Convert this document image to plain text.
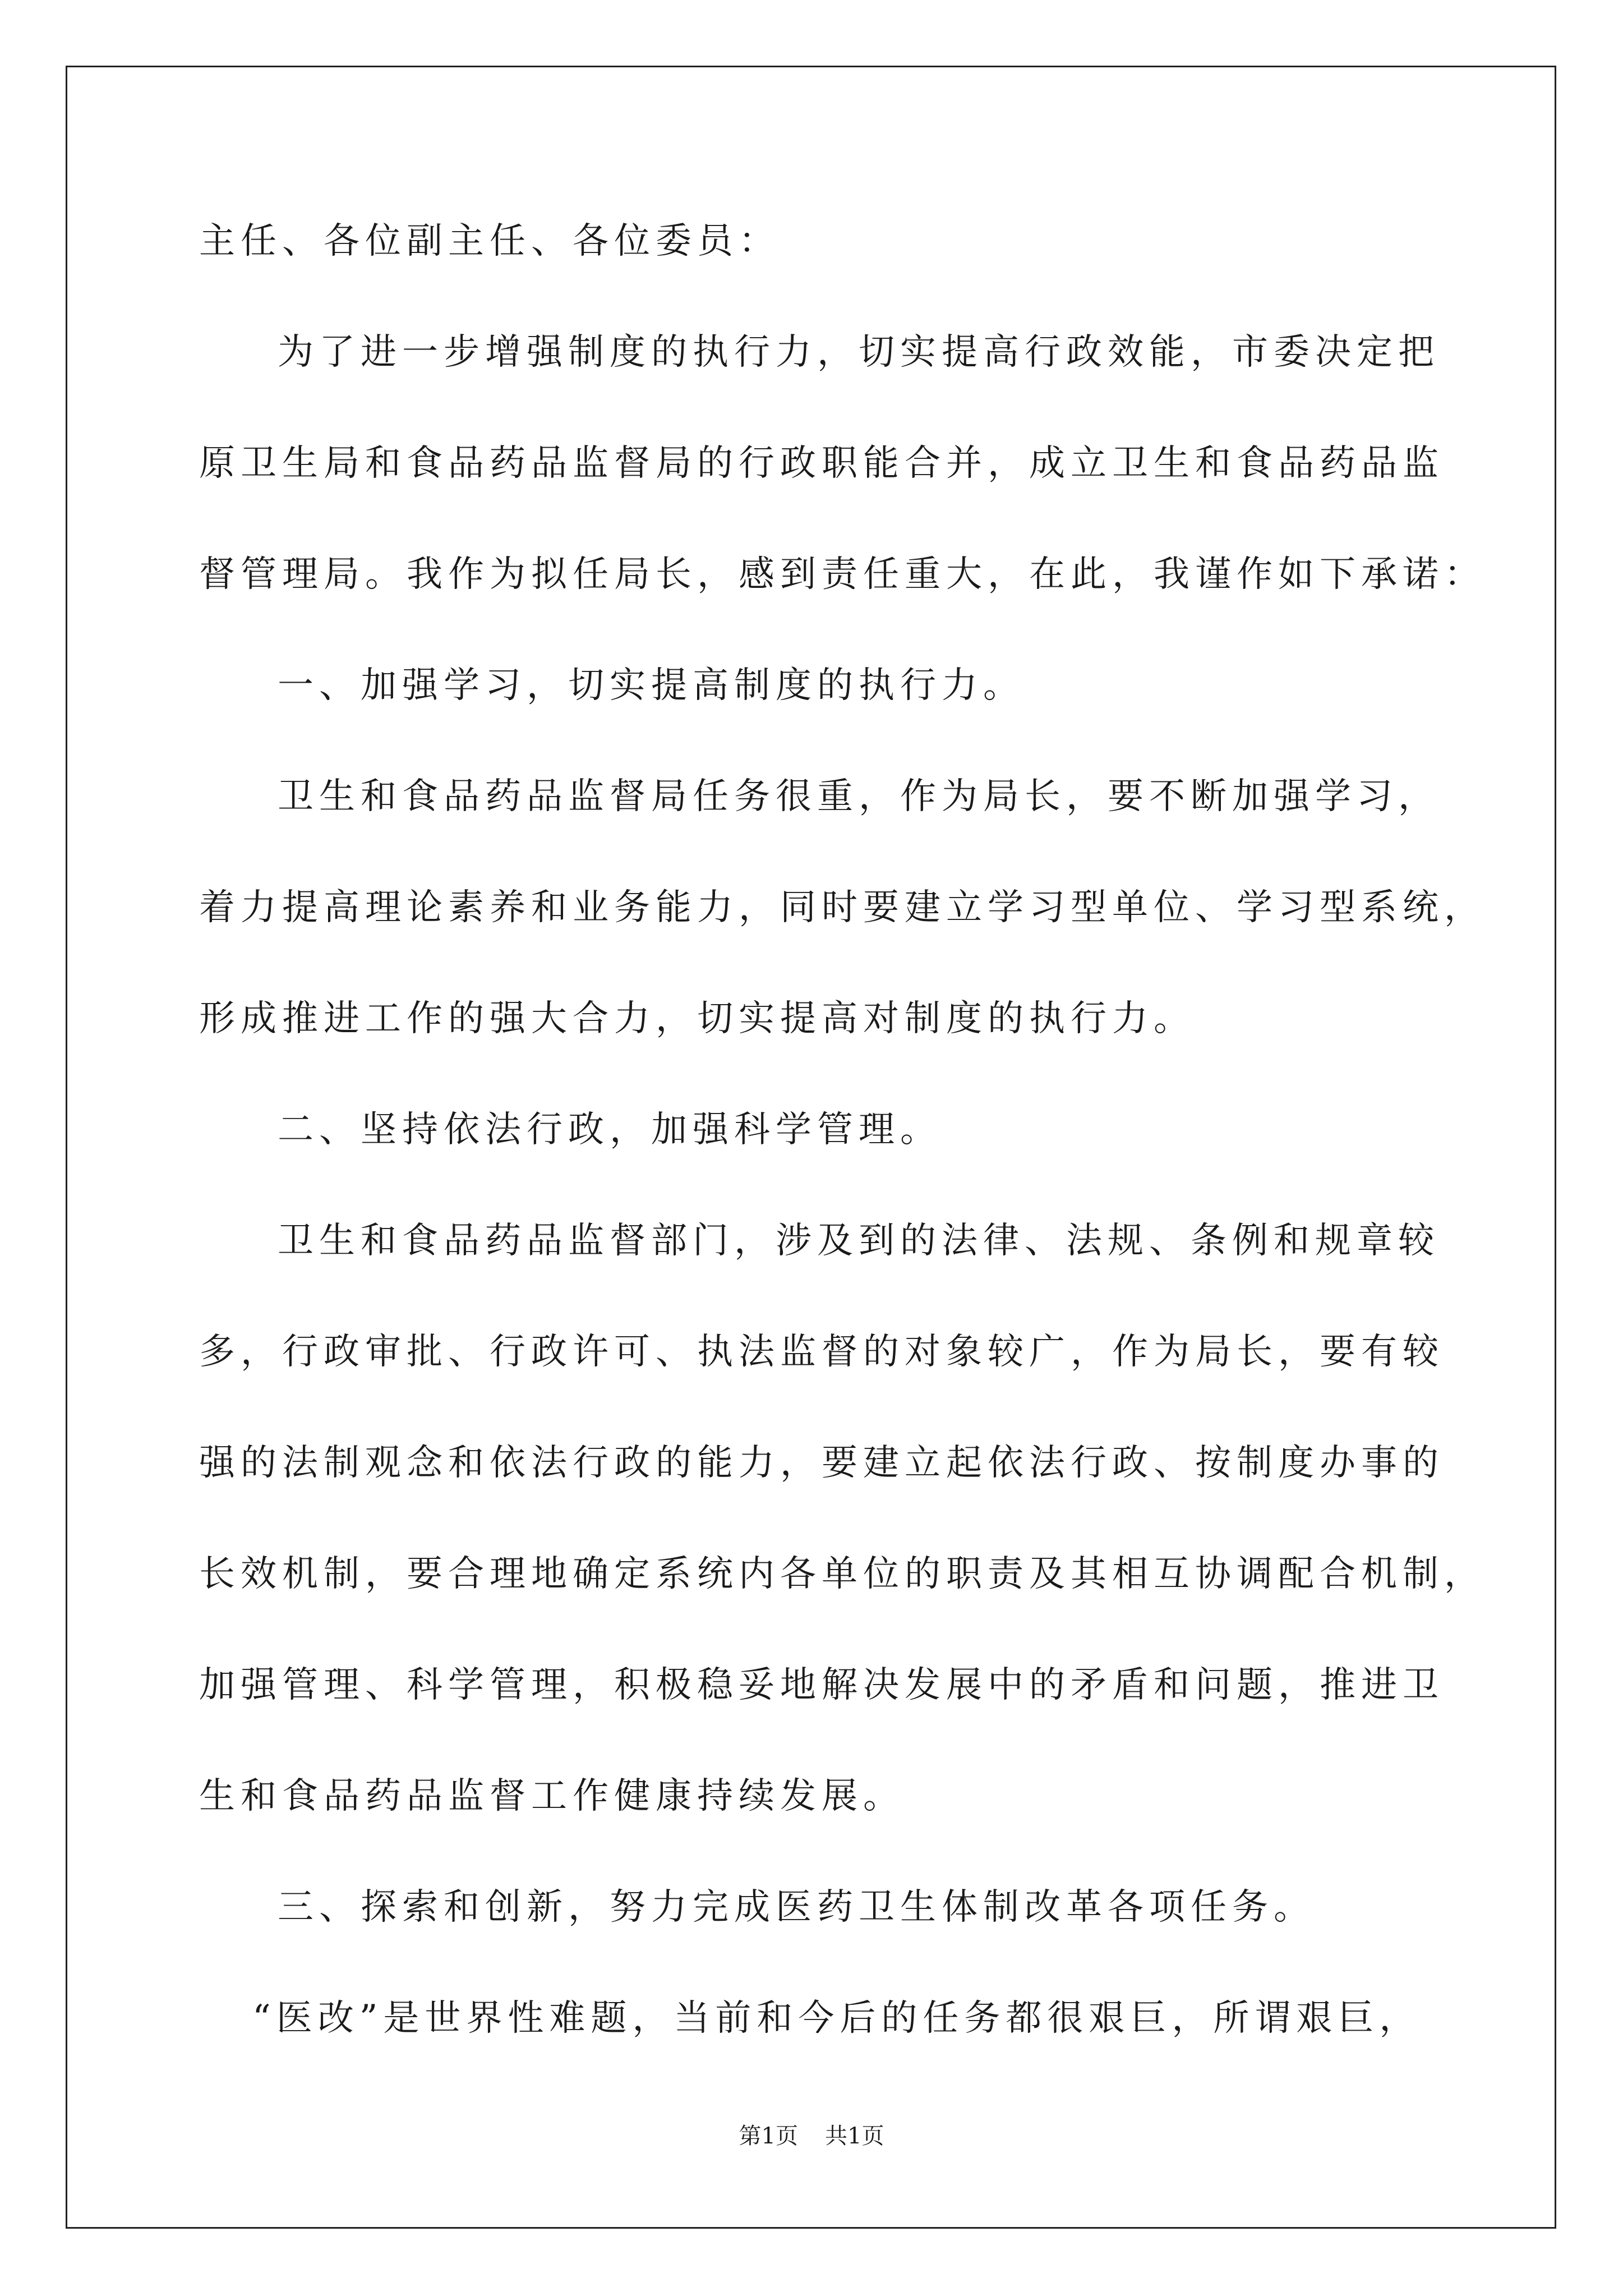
主任、各位副主任、各位委员：
为了进一步增强制度的执行力，切实提高行政效能，市委决定把
原卫生局和食品药品监督局的行政职能合并，成立卫生和食品药品监
督管理局。我作为拟任局长，感到责任重大，在此，我谨作如下承诺：
一、加强学习，切实提高制度的执行力。
卫生和食品药品监督局任务很重，作为局长，要不断加强学习，
着力提高理论素养和业务能力，同时要建立学习型单位、学习型系统，
形成推进工作的强大合力，切实提高对制度的执行力。
二、坚持依法行政，加强科学管理。
卫生和食品药品监督部门，涉及到的法律、法规、条例和规章较
多，行政审批、行政许可、执法监督的对象较广，作为局长，要有较
强的法制观念和依法行政的能力，要建立起依法行政、按制度办事的
长效机制，要合理地确定系统内各单位的职责及其相互协调配合机制，
加强管理、科学管理，积极稳妥地解决发展中的矛盾和问题，推进卫
生和食品药品监督工作健康持续发展。
三、探索和创新，努力完成医药卫生体制改革各项任务。
“医改”是世界性难题，当前和今后的任务都很艰巨，所谓艰巨，
第1页 共1页
